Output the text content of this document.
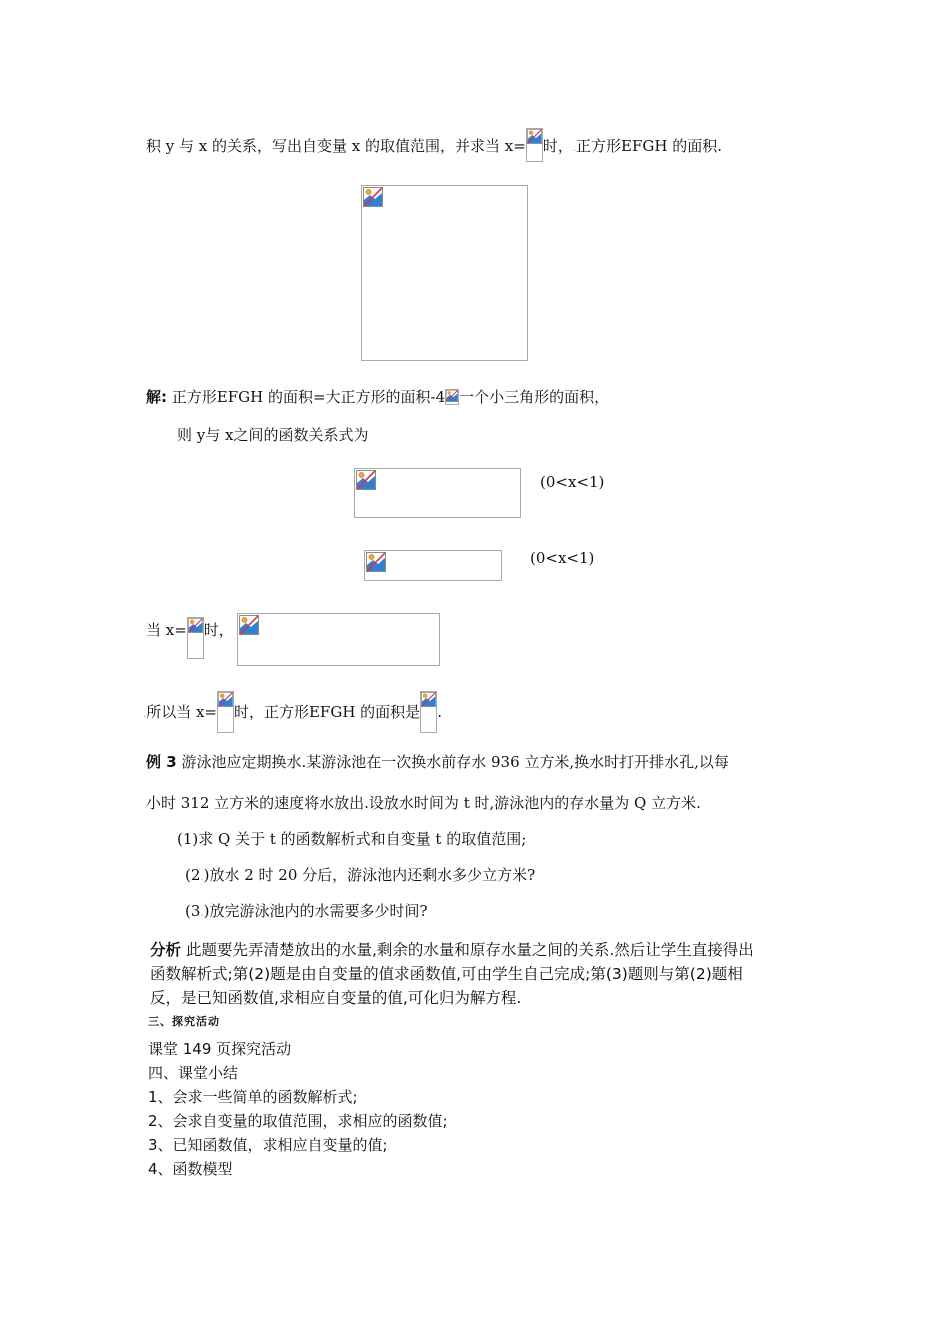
积 y 与 x 的关系，写出自变量 x 的取值范围，并求当 x= 时，.正方形EFGH 的面积.
解: 正方形EFGH 的面积=大正方形的面积-4 一个小三角形的面积，
则 y与 x之间的函数关系式为
(0<x<1)
(0<x<1)
当 x= 时，
.所以当 x= 时，正方形EFGH 的面积是 .
例 3 游泳池应定期换水.某游泳池在一次换水前存水 936 立方米,换水时打开排水孔,以每
小时 312 立方米的速度将水放出.设放水时间为 t 时,游泳池内的存水量为 Q 立方米.
(1)求 Q 关于 t 的函数解析式和自变量 t 的取值范围;
(2.)放水 2 时 20 分后，游泳池内还剩水多少立方米?
(3.)放完游泳池内的水需要多少时间?
分析 此题要先弄清楚放出的水量,剩余的水量和原存水量之间的关系.然后让学生直接得出
函数解析式;第(2)题是由自变量的值求函数值,可由学生自己完成;第(3)题则与第(2)题相
反，是已知函数值,求相应自变量的值,可化归为解方程.
三、探究活动
课堂 149 页探究活动
四、课堂小结
1、会求一些简单的函数解析式;
2、会求自变量的取值范围，求相应的函数值;
3、已知函数值，求相应自变量的值;
4、函数模型
